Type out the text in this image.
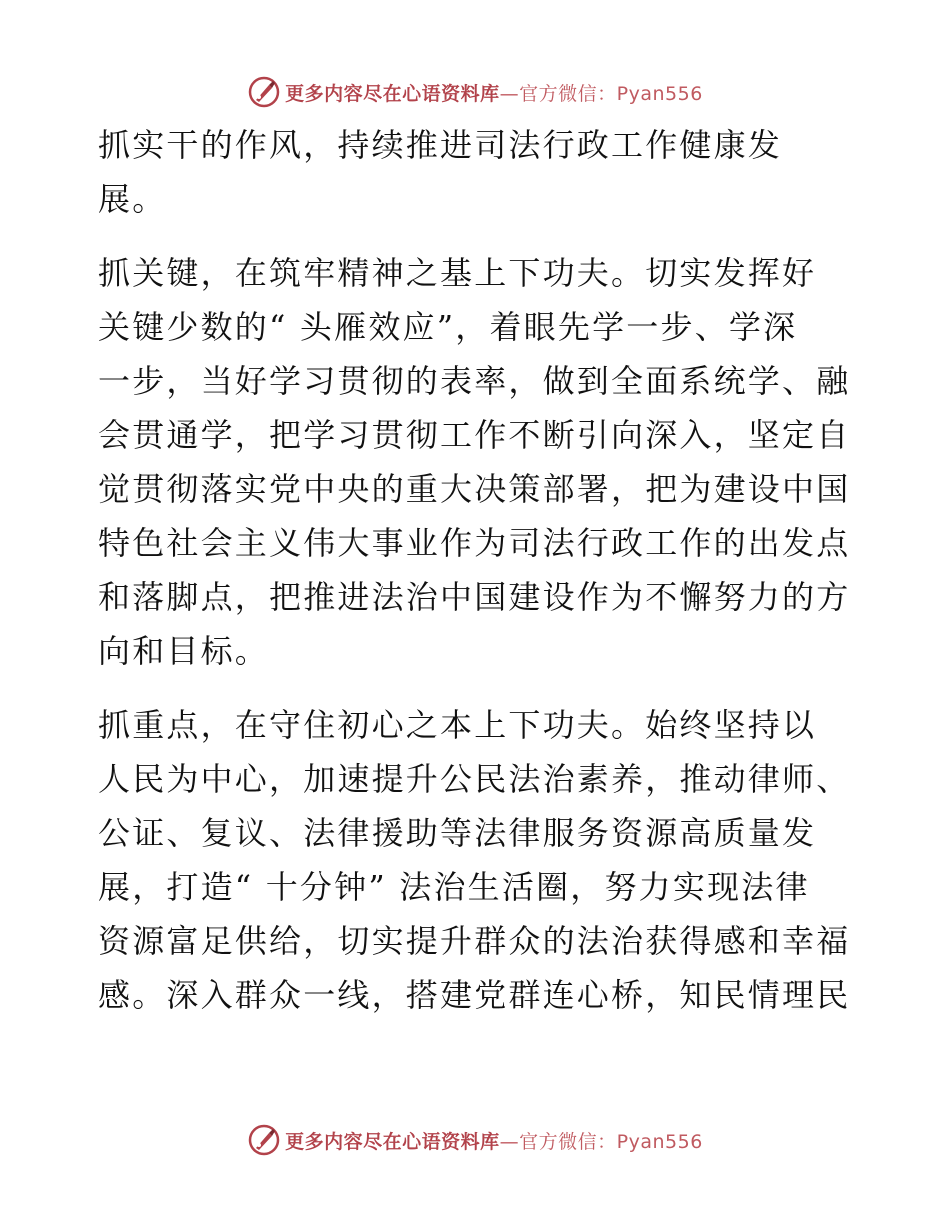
更多内容尽在心语资料库—官方微信：Pyan556
抓实干的作风，持续推进司法行政工作健康发
展。
抓关键，在筑牢精神之基上下功夫。切实发挥好
关键少数的“ 头雁效应”，着眼先学一步、学深
一步，当好学习贯彻的表率，做到全面系统学、融
会贯通学，把学习贯彻工作不断引向深入，坚定自
觉贯彻落实党中央的重大决策部署，把为建设中国
特色社会主义伟大事业作为司法行政工作的出发点
和落脚点，把推进法治中国建设作为不懈努力的方
向和目标。
抓重点，在守住初心之本上下功夫。始终坚持以
人民为中心，加速提升公民法治素养，推动律师、
公证、复议、法律援助等法律服务资源高质量发
展，打造“ 十分钟” 法治生活圈，努力实现法律
资源富足供给，切实提升群众的法治获得感和幸福
感。深入群众一线，搭建党群连心桥，知民情理民
更多内容尽在心语资料库—官方微信：Pyan556
